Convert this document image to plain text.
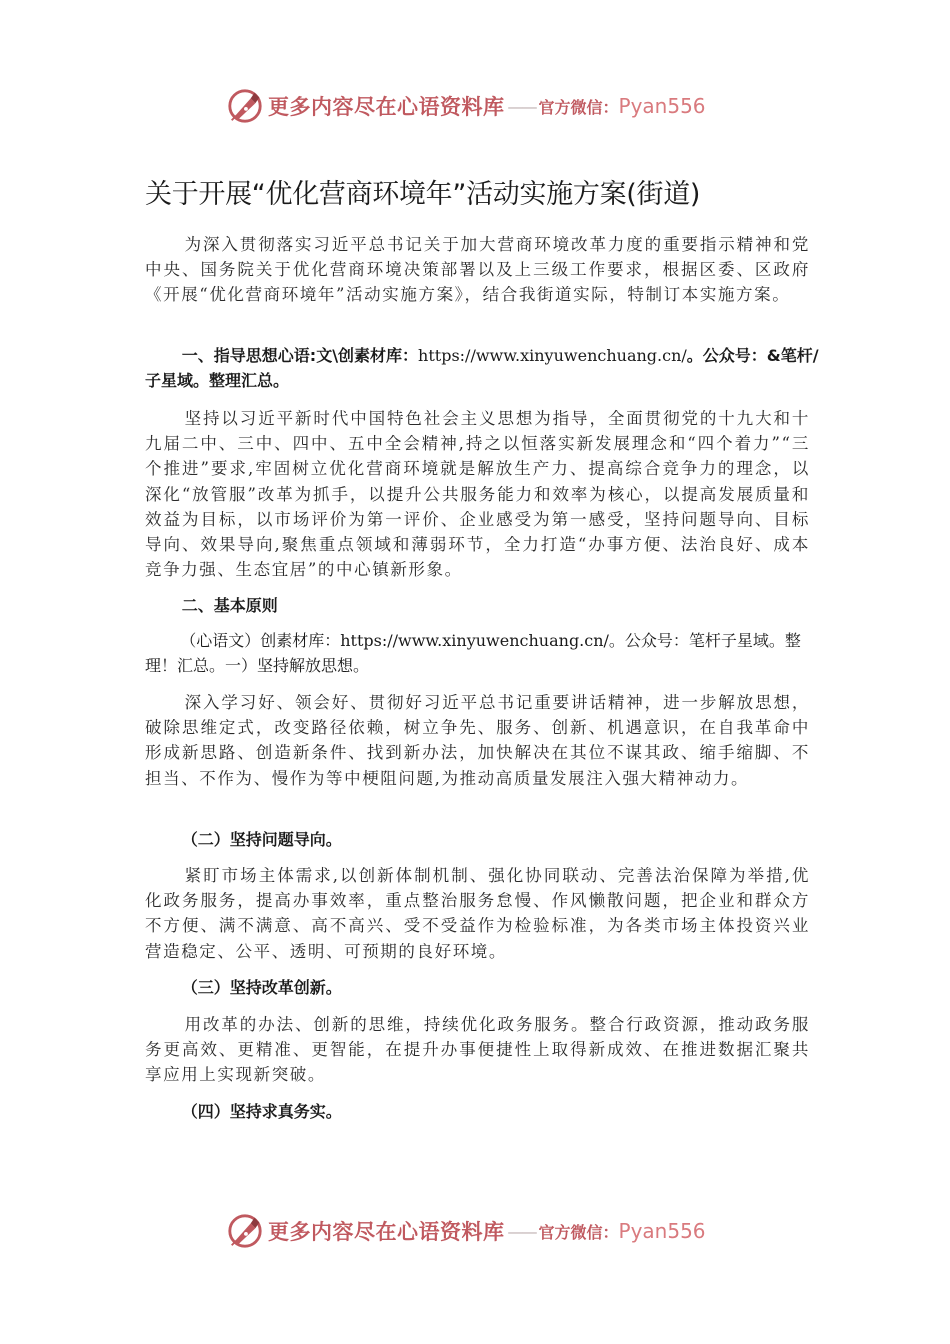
更多内容尽在心语资料库 —— 官方微信： Pyan556
关于开展“优化营商环境年”活动实施方案(街道)

为深入贯彻落实习近平总书记关于加大营商环境改革力度的重要指示精神和党中央、国务院关于优化营商环境决策部署以及上三级工作要求，根据区委、区政府《开展“优化营商环境年”活动实施方案》，结合我街道实际，特制订本实施方案。

一、指导思想心语:文\创素材库：https://www.xinyuwenchuang.cn/。公众号：&笔杆/子星域。整理汇总。

坚持以习近平新时代中国特色社会主义思想为指导，全面贯彻党的十九大和十九届二中、三中、四中、五中全会精神,持之以恒落实新发展理念和“四个着力”“三个推进”要求,牢固树立优化营商环境就是解放生产力、提高综合竞争力的理念，以深化“放管服”改革为抓手，以提升公共服务能力和效率为核心，以提高发展质量和效益为目标，以市场评价为第一评价、企业感受为第一感受，坚持问题导向、目标导向、效果导向,聚焦重点领域和薄弱环节，全力打造“办事方便、法治良好、成本竞争力强、生态宜居”的中心镇新形象。

二、基本原则

（心语文）创素材库：https://www.xinyuwenchuang.cn/。公众号：笔杆子星域。整理！汇总。一）坚持解放思想。

深入学习好、领会好、贯彻好习近平总书记重要讲话精神，进一步解放思想，破除思维定式，改变路径依赖，树立争先、服务、创新、机遇意识，在自我革命中形成新思路、创造新条件、找到新办法，加快解决在其位不谋其政、缩手缩脚、不担当、不作为、慢作为等中梗阻问题,为推动高质量发展注入强大精神动力。

（二）坚持问题导向。

紧盯市场主体需求,以创新体制机制、强化协同联动、完善法治保障为举措,优化政务服务，提高办事效率，重点整治服务怠慢、作风懒散问题，把企业和群众方不方便、满不满意、高不高兴、受不受益作为检验标准，为各类市场主体投资兴业营造稳定、公平、透明、可预期的良好环境。

（三）坚持改革创新。

用改革的办法、创新的思维，持续优化政务服务。整合行政资源，推动政务服务更高效、更精准、更智能，在提升办事便捷性上取得新成效、在推进数据汇聚共享应用上实现新突破。

（四）坚持求真务实。

更多内容尽在心语资料库 —— 官方微信： Pyan556
